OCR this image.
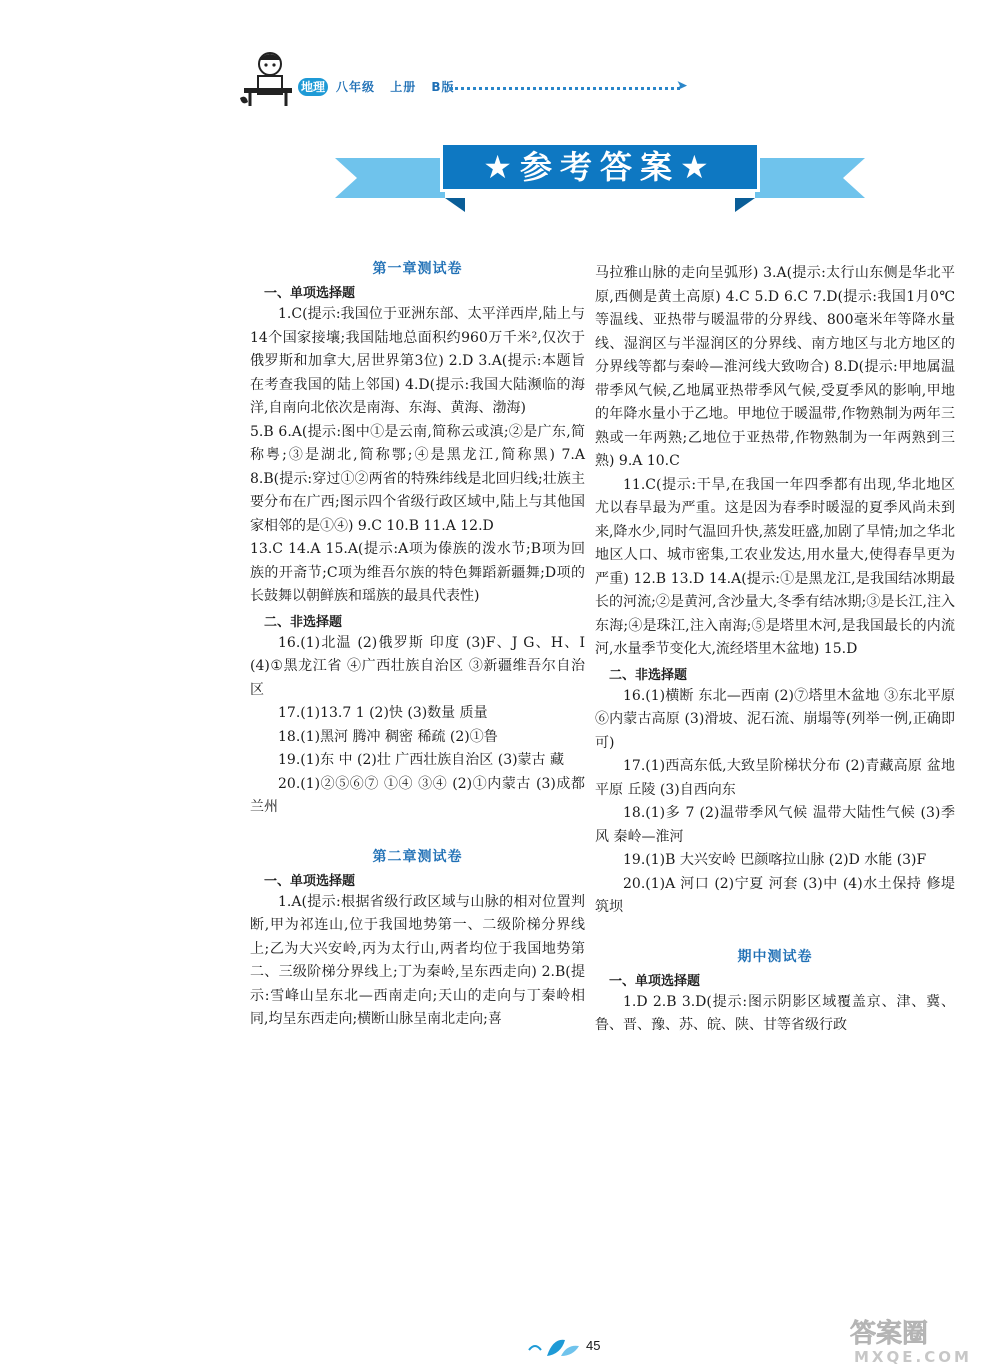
地理 八年级 上册 B版	➤
★参考答案★
第一章测试卷
一、单项选择题

1.C(提示:我国位于亚洲东部、太平洋西岸,陆上与14个国家接壤;我国陆地总面积约960万千米²,仅次于俄罗斯和加拿大,居世界第3位) 2.D 3.A(提示:本题旨在考查我国的陆上邻国) 4.D(提示:我国大陆濒临的海洋,自南向北依次是南海、东海、黄海、渤海)

5.B 6.A(提示:图中①是云南,简称云或滇;②是广东,简称粤;③是湖北,简称鄂;④是黑龙江,简称黑) 7.A 8.B(提示:穿过①②两省的特殊纬线是北回归线;壮族主要分布在广西;图示四个省级行政区域中,陆上与其他国家相邻的是①④) 9.C 10.B 11.A 12.D

13.C 14.A 15.A(提示:A项为傣族的泼水节;B项为回族的开斋节;C项为维吾尔族的特色舞蹈新疆舞;D项的长鼓舞以朝鲜族和瑶族的最具代表性)

二、非选择题

16.(1)北温 (2)俄罗斯 印度 (3)F、J G、H、I (4)①黑龙江省 ④广西壮族自治区 ③新疆维吾尔自治区

17.(1)13.7 1 (2)快 (3)数量 质量

18.(1)黑河 腾冲 稠密 稀疏 (2)①鲁

19.(1)东 中 (2)壮 广西壮族自治区 (3)蒙古 藏

20.(1)②⑤⑥⑦ ①④ ③④ (2)①内蒙古 (3)成都 兰州

第二章测试卷
一、单项选择题

1.A(提示:根据省级行政区域与山脉的相对位置判断,甲为祁连山,位于我国地势第一、二级阶梯分界线上;乙为大兴安岭,丙为太行山,两者均位于我国地势第二、三级阶梯分界线上;丁为秦岭,呈东西走向) 2.B(提示:雪峰山呈东北—西南走向;天山的走向与丁秦岭相同,均呈东西走向;横断山脉呈南北走向;喜

马拉雅山脉的走向呈弧形) 3.A(提示:太行山东侧是华北平原,西侧是黄土高原) 4.C 5.D 6.C 7.D(提示:我国1月0℃等温线、亚热带与暖温带的分界线、800毫米年等降水量线、湿润区与半湿润区的分界线、南方地区与北方地区的分界线等都与秦岭—淮河线大致吻合) 8.D(提示:甲地属温带季风气候,乙地属亚热带季风气候,受夏季风的影响,甲地的年降水量小于乙地。甲地位于暖温带,作物熟制为两年三熟或一年两熟;乙地位于亚热带,作物熟制为一年两熟到三熟) 9.A 10.C

11.C(提示:干旱,在我国一年四季都有出现,华北地区尤以春旱最为严重。这是因为春季时暖湿的夏季风尚未到来,降水少,同时气温回升快,蒸发旺盛,加剧了旱情;加之华北地区人口、城市密集,工农业发达,用水量大,使得春旱更为严重) 12.B 13.D 14.A(提示:①是黑龙江,是我国结冰期最长的河流;②是黄河,含沙量大,冬季有结冰期;③是长江,注入东海;④是珠江,注入南海;⑤是塔里木河,是我国最长的内流河,水量季节变化大,流经塔里木盆地) 15.D

二、非选择题

16.(1)横断 东北—西南 (2)⑦塔里木盆地 ③东北平原 ⑥内蒙古高原 (3)滑坡、泥石流、崩塌等(列举一例,正确即可)

17.(1)西高东低,大致呈阶梯状分布 (2)青藏高原 盆地 平原 丘陵 (3)自西向东

18.(1)多 7 (2)温带季风气候 温带大陆性气候 (3)季风 秦岭—淮河

19.(1)B 大兴安岭 巴颜喀拉山脉 (2)D 水能 (3)F

20.(1)A 河口 (2)宁夏 河套 (3)中 (4)水土保持 修堤筑坝

期中测试卷
一、单项选择题

1.D 2.B 3.D(提示:图示阴影区域覆盖京、津、冀、鲁、晋、豫、苏、皖、陕、甘等省级行政

45	答案圈
MXQE.COM
